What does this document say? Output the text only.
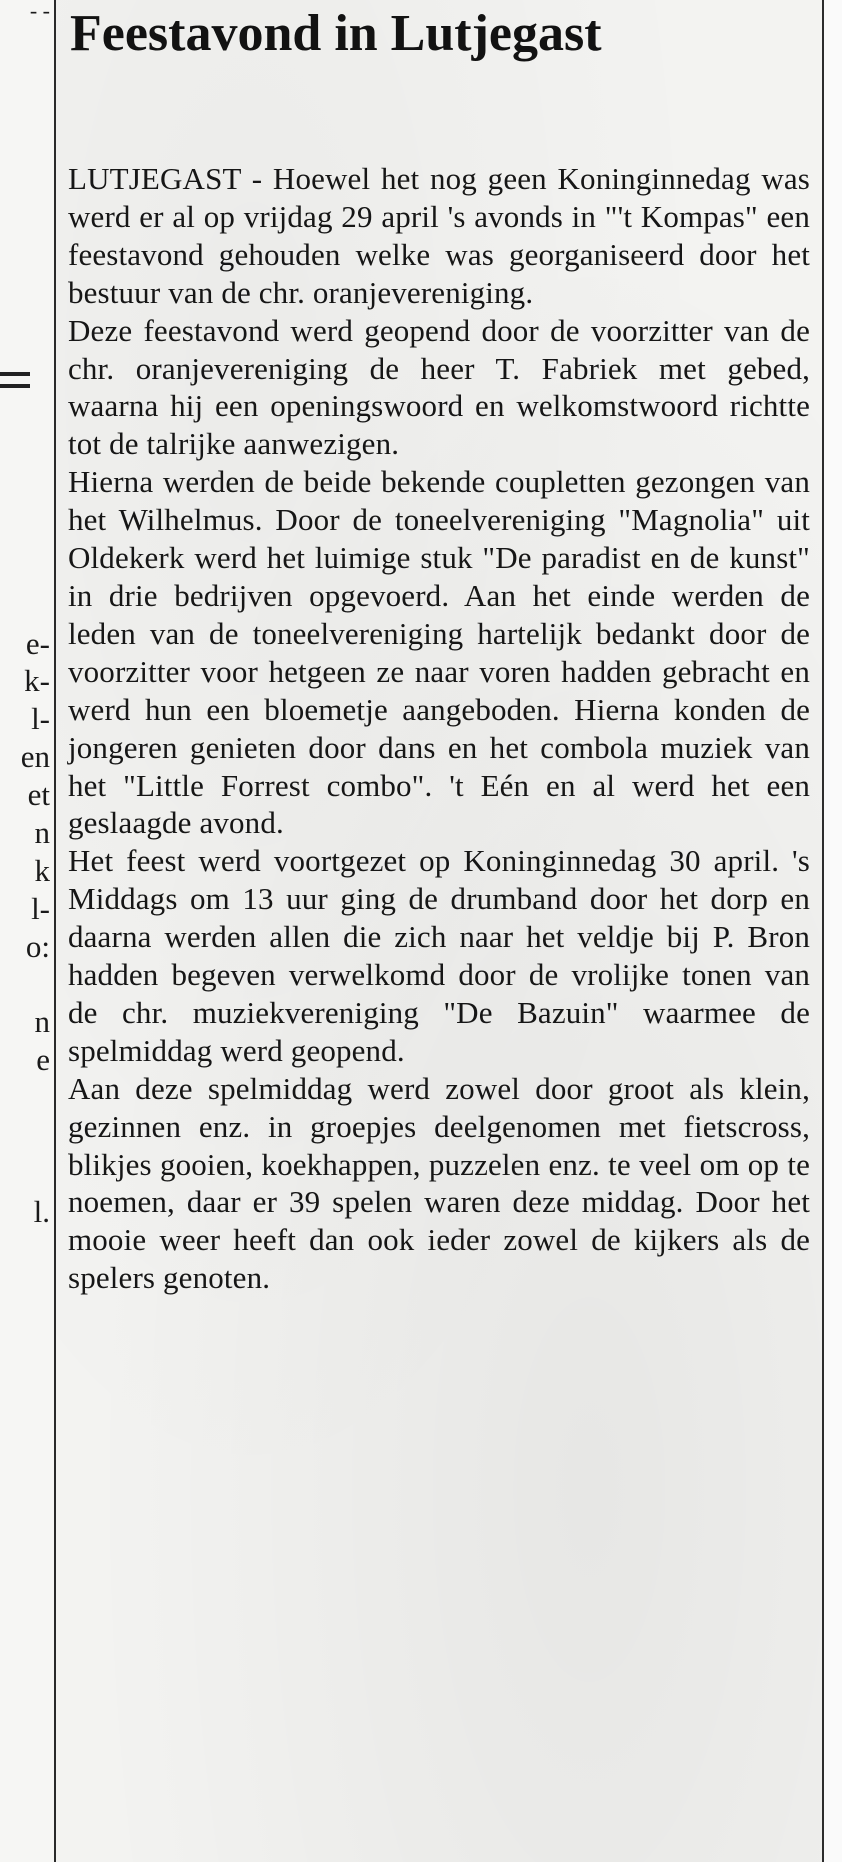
- -
e-
k-
l-
en
et
n
k
l-
o:
n
e
l.
Feestavond in Lutjegast

LUTJEGAST - Hoewel het nog geen Koninginnedag was werd er al op vrijdag 29 april 's avonds in "'t Kompas" een feestavond gehouden welke was georganiseerd door het bestuur van de chr. oranjevereniging.

Deze feestavond werd geopend door de voorzitter van de chr. oranjevereniging de heer T. Fabriek met gebed, waarna hij een openingswoord en welkomstwoord richtte tot de talrijke aanwezigen.

Hierna werden de beide bekende coupletten gezongen van het Wilhelmus. Door de toneelvereniging "Magnolia" uit Oldekerk werd het luimige stuk "De paradist en de kunst" in drie bedrijven opgevoerd. Aan het einde werden de leden van de toneelvereniging hartelijk bedankt door de voorzitter voor hetgeen ze naar voren hadden gebracht en werd hun een bloemetje aangeboden. Hierna konden de jongeren genieten door dans en het combola muziek van het "Little Forrest combo". 't Eén en al werd het een geslaagde avond.

Het feest werd voortgezet op Koninginnedag 30 april. 's Middags om 13 uur ging de drumband door het dorp en daarna werden allen die zich naar het veldje bij P. Bron hadden begeven verwelkomd door de vrolijke tonen van de chr. muziekvereniging "De Bazuin" waarmee de spelmiddag werd geopend.

Aan deze spelmiddag werd zowel door groot als klein, gezinnen enz. in groepjes deelgenomen met fietscross, blikjes gooien, koekhappen, puzzelen enz. te veel om op te noemen, daar er 39 spelen waren deze middag. Door het mooie weer heeft dan ook ieder zowel de kijkers als de spelers genoten.
